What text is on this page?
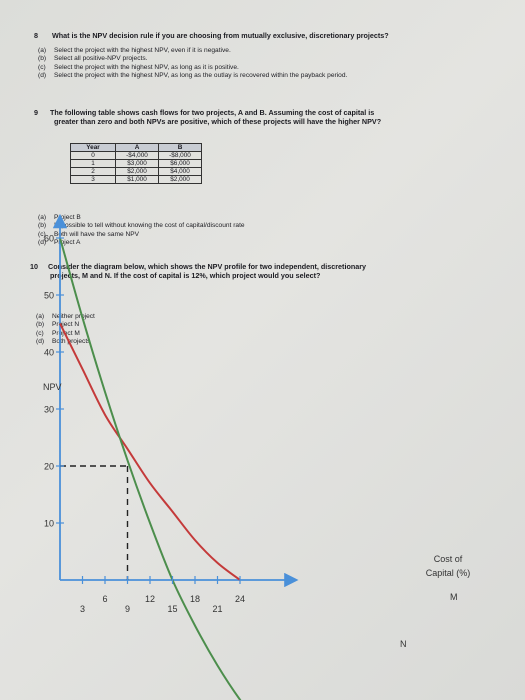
8 What is the NPV decision rule if you are choosing from mutually exclusive, discretionary projects?
(a) Select the project with the highest NPV, even if it is negative.
(b) Select all positive-NPV projects.
(c) Select the project with the highest NPV, as long as it is positive.
(d) Select the project with the highest NPV, as long as the outlay is recovered within the payback period.
9 The following table shows cash flows for two projects, A and B. Assuming the cost of capital is
greater than zero and both NPVs are positive, which of these projects will have the higher NPV?
Year	A	B
0	-$4,000	-$8,000
1	$3,000	$6,000
2	$2,000	$4,000
3	$1,000	$2,000
(a) Project B
(b) Impossible to tell without knowing the cost of capital/discount rate
(c) Both will have the same NPV
(d) Project A
10 Consider the diagram below, which shows the NPV profile for two independent, discretionary
projects, M and N. If the cost of capital is 12%, which project would you select?
(a) Neither project
(b) Project N
(c) Project M
(d) Both projects
10
20
30
40
50
60
3
6
9
12
15
18
21
24
NPV
Cost of
Capital (%)
M
N
